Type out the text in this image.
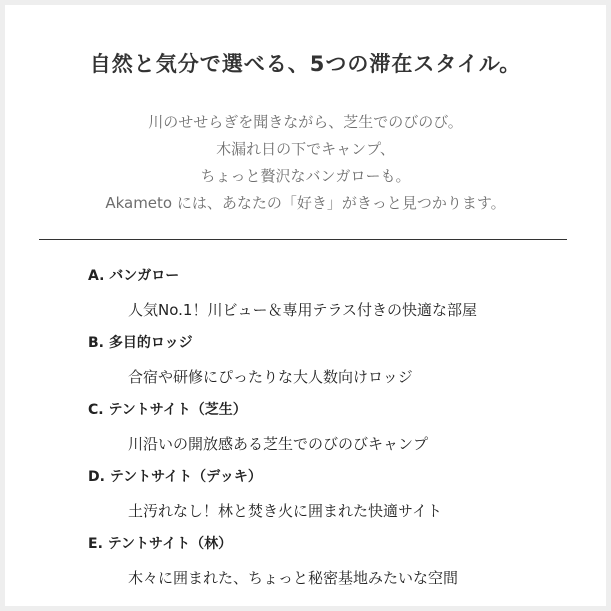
自然と気分で選べる、5つの滞在スタイル。
川のせせらぎを聞きながら、芝生でのびのび。
木漏れ日の下でキャンプ、
ちょっと贅沢なバンガローも。
Akameto には、あなたの「好き」がきっと見つかります。
A. バンガロー
人気No.1！川ビュー＆専用テラス付きの快適な部屋
B. 多目的ロッジ
合宿や研修にぴったりな大人数向けロッジ
C. テントサイト（芝生）
川沿いの開放感ある芝生でのびのびキャンプ
D. テントサイト（デッキ）
土汚れなし！林と焚き火に囲まれた快適サイト
E. テントサイト（林）
木々に囲まれた、ちょっと秘密基地みたいな空間
